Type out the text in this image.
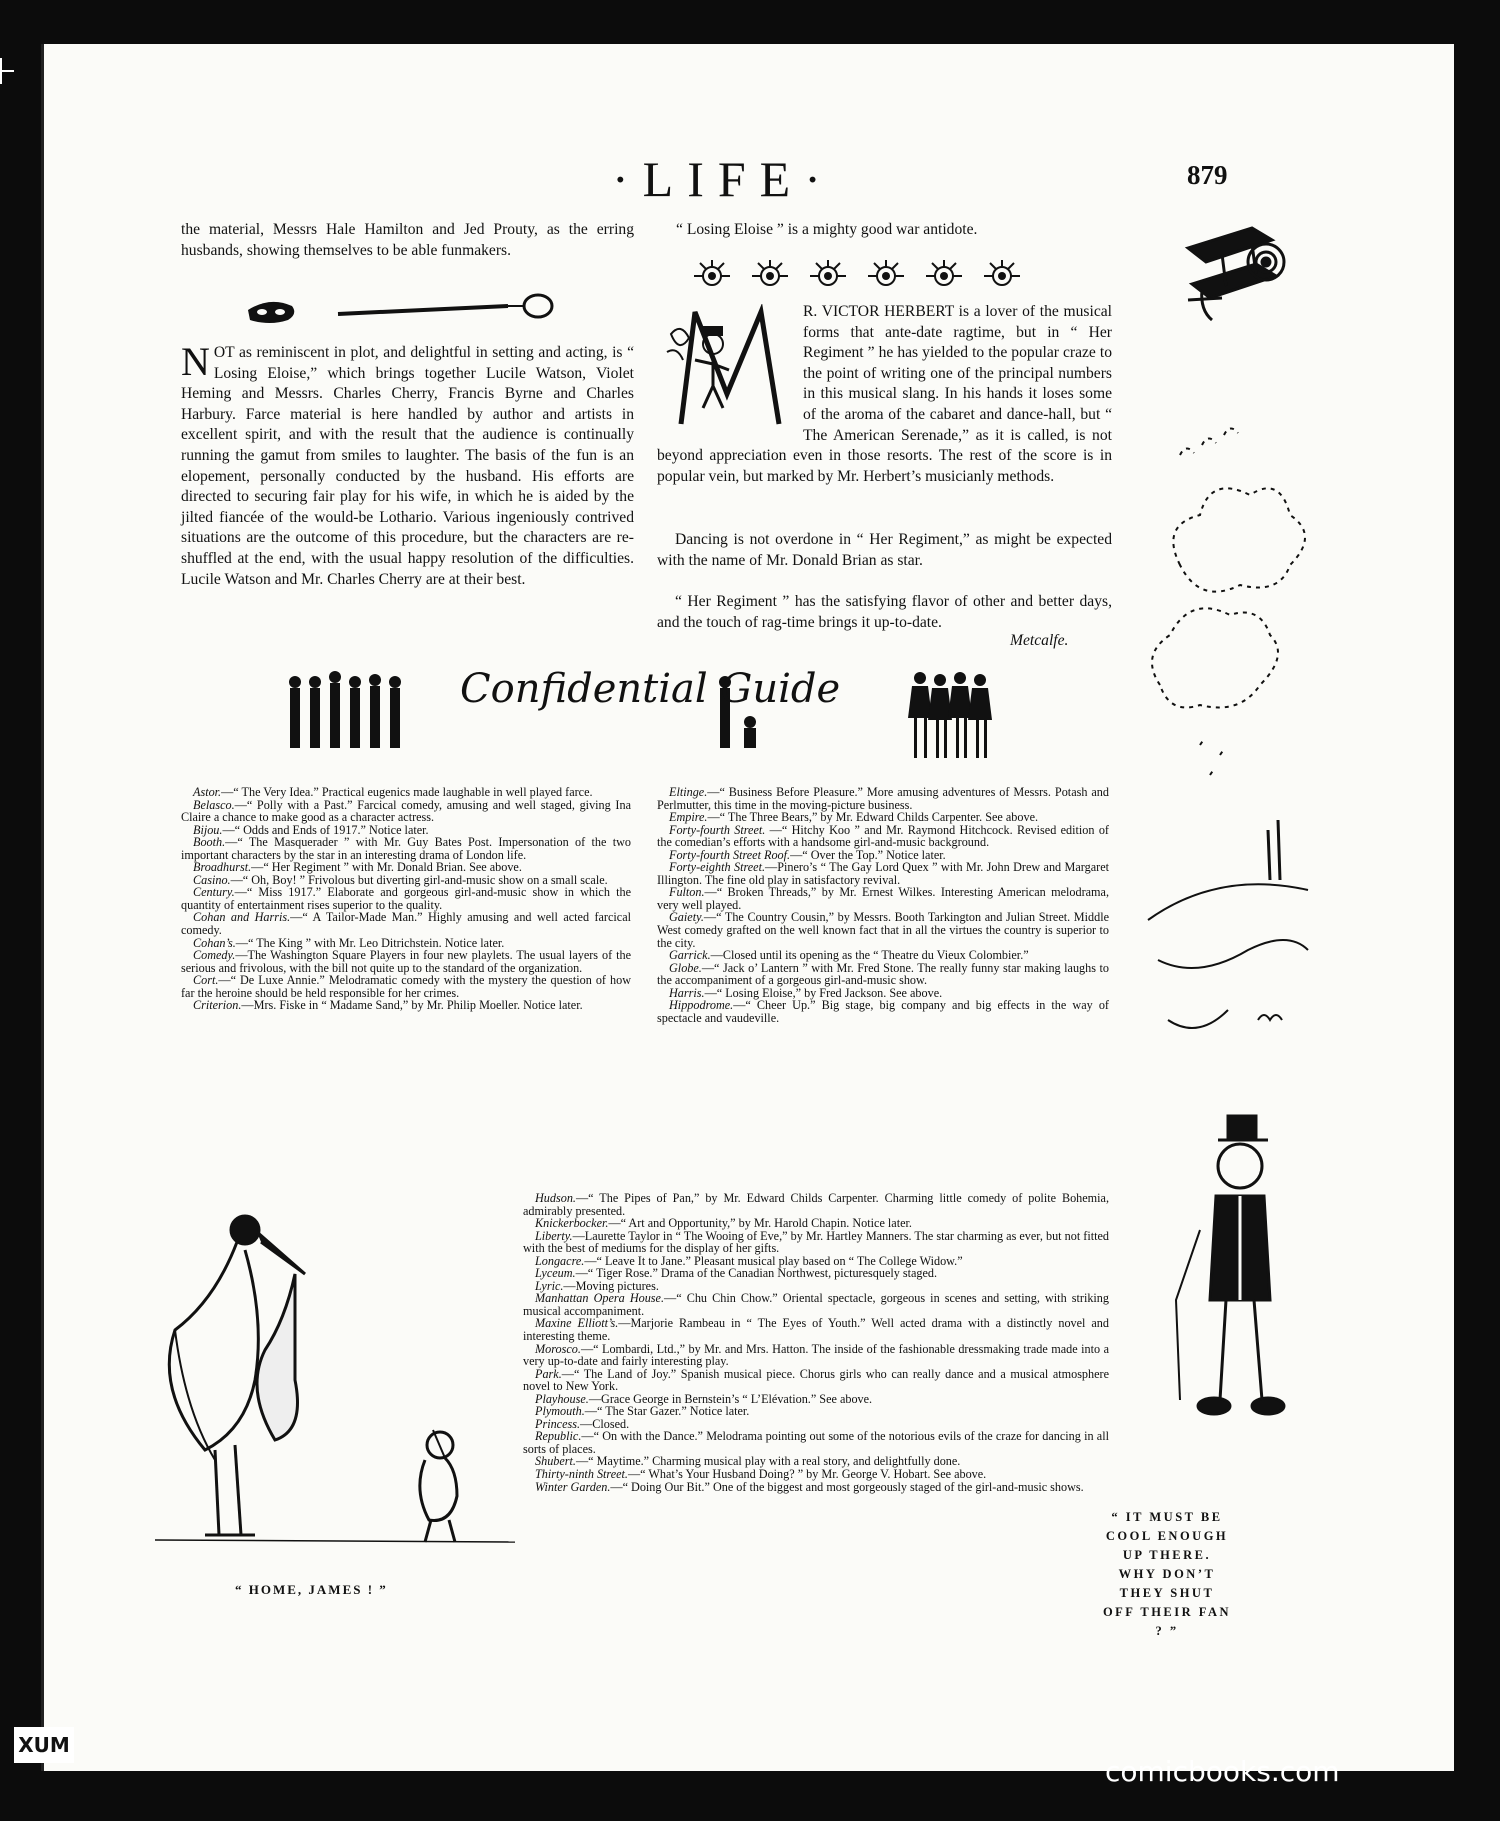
·LIFE·	879
the material, Messrs Hale Hamilton and Jed Prouty, as the erring husbands, showing themselves to be able funmakers.
NOT as reminiscent in plot, and delightful in setting and acting, is “ Losing Eloise,” which brings together Lucile Watson, Violet Heming and Messrs. Charles Cherry, Francis Byrne and Charles Harbury. Farce material is here handled by author and artists in excellent spirit, and with the result that the audience is continually running the gamut from smiles to laughter. The basis of the fun is an elopement, personally conducted by the husband. His efforts are directed to securing fair play for his wife, in which he is aided by the jilted fiancée of the would-be Lothario. Various ingeniously contrived situations are the outcome of this procedure, but the characters are re-shuffled at the end, with the usual happy resolution of the difficulties. Lucile Watson and Mr. Charles Cherry are at their best.
“ Losing Eloise ” is a mighty good war antidote.
R. VICTOR HERBERT is a lover of the musical forms that ante-date ragtime, but in “ Her Regiment ” he has yielded to the popular craze to the point of writing one of the principal numbers in this musical slang. In his hands it loses some of the aroma of the cabaret and dance-hall, but “ The American Serenade,” as it is called, is not beyond appreciation even in those resorts. The rest of the score is in popular vein, but marked by Mr. Herbert’s musicianly methods.

Dancing is not overdone in “ Her Regiment,” as might be expected with the name of Mr. Donald Brian as star.

“ Her Regiment ” has the satisfying flavor of other and better days, and the touch of rag-time brings it up-to-date.

Metcalfe.
“ IT MUST BE COOL ENOUGH UP THERE. WHY DON’T THEY SHUT OFF THEIR FAN ? ”
Confidential Guide

Astor.—“ The Very Idea.” Practical eugenics made laughable in well played farce.

Belasco.—“ Polly with a Past.” Farcical comedy, amusing and well staged, giving Ina Claire a chance to make good as a character actress.

Bijou.—“ Odds and Ends of 1917.” Notice later.

Booth.—“ The Masquerader ” with Mr. Guy Bates Post. Impersonation of the two important characters by the star in an interesting drama of London life.

Broadhurst.—“ Her Regiment ” with Mr. Donald Brian. See above.

Casino.—“ Oh, Boy! ” Frivolous but diverting girl-and-music show on a small scale.

Century.—“ Miss 1917.” Elaborate and gorgeous girl-and-music show in which the quantity of entertainment rises superior to the quality.

Cohan and Harris.—“ A Tailor-Made Man.” Highly amusing and well acted farcical comedy.

Cohan’s.—“ The King ” with Mr. Leo Ditrichstein. Notice later.

Comedy.—The Washington Square Players in four new playlets. The usual layers of the serious and frivolous, with the bill not quite up to the standard of the organization.

Cort.—“ De Luxe Annie.” Melodramatic comedy with the mystery the question of how far the heroine should be held responsible for her crimes.

Criterion.—Mrs. Fiske in “ Madame Sand,” by Mr. Philip Moeller. Notice later.

Eltinge.—“ Business Before Pleasure.” More amusing adventures of Messrs. Potash and Perlmutter, this time in the moving-picture business.

Empire.—“ The Three Bears,” by Mr. Edward Childs Carpenter. See above.

Forty-fourth Street. —“ Hitchy Koo ” and Mr. Raymond Hitchcock. Revised edition of the comedian’s efforts with a handsome girl-and-music background.

Forty-fourth Street Roof.—“ Over the Top.” Notice later.

Forty-eighth Street.—Pinero’s “ The Gay Lord Quex ” with Mr. John Drew and Margaret Illington. The fine old play in satisfactory revival.

Fulton.—“ Broken Threads,” by Mr. Ernest Wilkes. Interesting American melodrama, very well played.

Gaiety.—“ The Country Cousin,” by Messrs. Booth Tarkington and Julian Street. Middle West comedy grafted on the well known fact that in all the virtues the country is superior to the city.

Garrick.—Closed until its opening as the “ Theatre du Vieux Colombier.”

Globe.—“ Jack o’ Lantern ” with Mr. Fred Stone. The really funny star making laughs to the accompaniment of a gorgeous girl-and-music show.

Harris.—“ Losing Eloise,” by Fred Jackson. See above.

Hippodrome.—“ Cheer Up.” Big stage, big company and big effects in the way of spectacle and vaudeville.

Hudson.—“ The Pipes of Pan,” by Mr. Edward Childs Carpenter. Charming little comedy of polite Bohemia, admirably presented.

Knickerbocker.—“ Art and Opportunity,” by Mr. Harold Chapin. Notice later.

Liberty.—Laurette Taylor in “ The Wooing of Eve,” by Mr. Hartley Manners. The star charming as ever, but not fitted with the best of mediums for the display of her gifts.

Longacre.—“ Leave It to Jane.” Pleasant musical play based on “ The College Widow.”

Lyceum.—“ Tiger Rose.” Drama of the Canadian Northwest, picturesquely staged.

Lyric.—Moving pictures.

Manhattan Opera House.—“ Chu Chin Chow.” Oriental spectacle, gorgeous in scenes and setting, with striking musical accompaniment.

Maxine Elliott’s.—Marjorie Rambeau in “ The Eyes of Youth.” Well acted drama with a distinctly novel and interesting theme.

Morosco.—“ Lombardi, Ltd.,” by Mr. and Mrs. Hatton. The inside of the fashionable dressmaking trade made into a very up-to-date and fairly interesting play.

Park.—“ The Land of Joy.” Spanish musical piece. Chorus girls who can really dance and a musical atmosphere novel to New York.

Playhouse.—Grace George in Bernstein’s “ L’Elévation.” See above.

Plymouth.—“ The Star Gazer.” Notice later.

Princess.—Closed.

Republic.—“ On with the Dance.” Melodrama pointing out some of the notorious evils of the craze for dancing in all sorts of places.

Shubert.—“ Maytime.” Charming musical play with a real story, and delightfully done.

Thirty-ninth Street.—“ What’s Your Husband Doing? ” by Mr. George V. Hobart. See above.

Winter Garden.—“ Doing Our Bit.” One of the biggest and most gorgeously staged of the girl-and-music shows.

“ HOME, JAMES ! ”
XUM
comicbooks.com
